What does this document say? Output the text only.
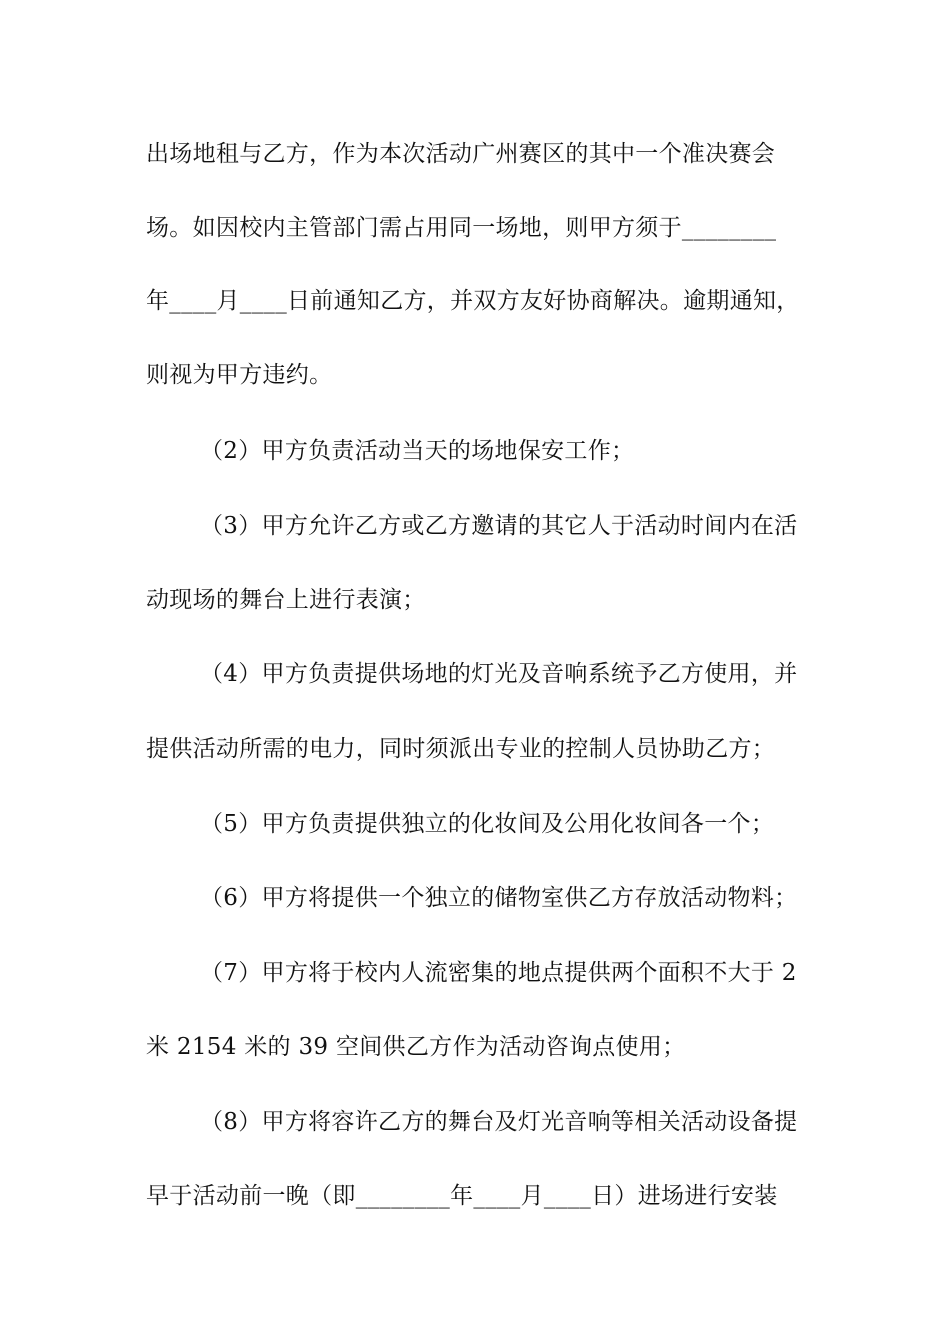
出场地租与乙方，作为本次活动广州赛区的其中一个准决赛会
场。如因校内主管部门需占用同一场地，则甲方须于________
年____月____日前通知乙方，并双方友好协商解决。逾期通知，
则视为甲方违约。
（2）甲方负责活动当天的场地保安工作；
（3）甲方允许乙方或乙方邀请的其它人于活动时间内在活
动现场的舞台上进行表演；
（4）甲方负责提供场地的灯光及音响系统予乙方使用，并
提供活动所需的电力，同时须派出专业的控制人员协助乙方；
（5）甲方负责提供独立的化妆间及公用化妆间各一个；
（6）甲方将提供一个独立的储物室供乙方存放活动物料；
（7）甲方将于校内人流密集的地点提供两个面积不大于 2
米 2154 米的 39 空间供乙方作为活动咨询点使用；
（8）甲方将容许乙方的舞台及灯光音响等相关活动设备提
早于活动前一晚（即________年____月____日）进场进行安装
